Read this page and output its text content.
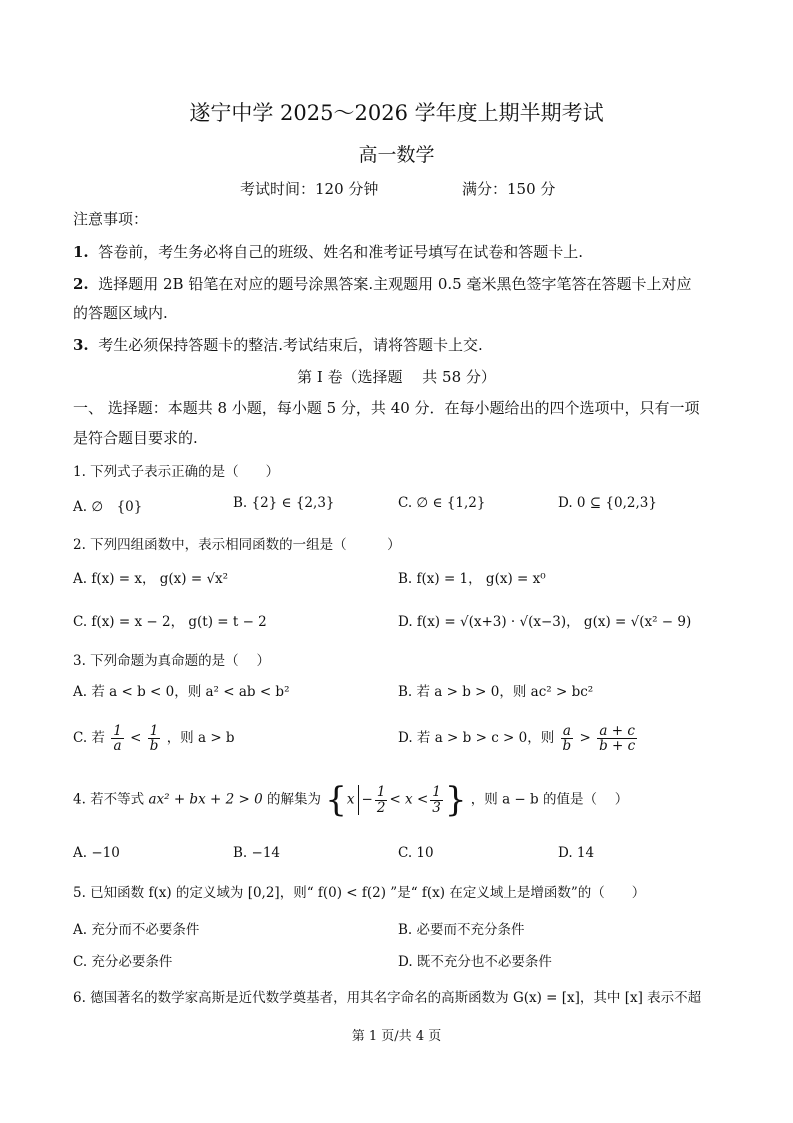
遂宁中学 2025～2026 学年度上期半期考试
高一数学
考试时间：120 分钟	满分：150 分
注意事项：
1. 答卷前，考生务必将自己的班级、姓名和准考证号填写在试卷和答题卡上.
2. 选择题用 2B 铅笔在对应的题号涂黑答案.主观题用 0.5 毫米黑色签字笔答在答题卡上对应
的答题区域内.
3. 考生必须保持答题卡的整洁.考试结束后，请将答题卡上交.
第 I 卷（选择题　 共 58 分）
一、 选择题：本题共 8 小题，每小题 5 分，共 40 分．在每小题给出的四个选项中，只有一项
是符合题目要求的.
1. 下列式子表示正确的是（　　）
A. ∅　{0}	B. {2} ∈ {2,3}	C. ∅ ∈ {1,2}	D. 0 ⊆ {0,2,3}
2. 下列四组函数中，表示相同函数的一组是（　　　）
A. f(x) = x， g(x) = √x²	B. f(x) = 1， g(x) = x⁰
C. f(x) = x − 2， g(t) = t − 2	D. f(x) = √(x+3) · √(x−3)， g(x) = √(x² − 9)
3. 下列命题为真命题的是（　 ）
A. 若 a < b < 0，则 a² < ab < b²	B. 若 a > b > 0，则 ac² > bc²
C. 若 $\frac{1}{a} < \frac{1}{b}$ ，则 a > b	D. 若 a > b > c > 0，则 $\frac{a}{b} > \frac{a + c}{b + c}$
4. 若不等式 ax² + bx + 2 > 0 的解集为 {$x - \frac{1}{2} < x < \frac{1}{3}$ } ，则 a − b 的值是（　 ）
A. −10	B. −14	C. 10	D. 14
5. 已知函数 f(x) 的定义域为 [0,2]，则“ f(0) < f(2) ”是“ f(x) 在定义域上是增函数”的（　　）
A. 充分而不必要条件	B. 必要而不充分条件
C. 充分必要条件	D. 既不充分也不必要条件
6. 德国著名的数学家高斯是近代数学奠基者，用其名字命名的高斯函数为 G(x) = [x]，其中 [x] 表示不超
第 1 页/共 4 页
